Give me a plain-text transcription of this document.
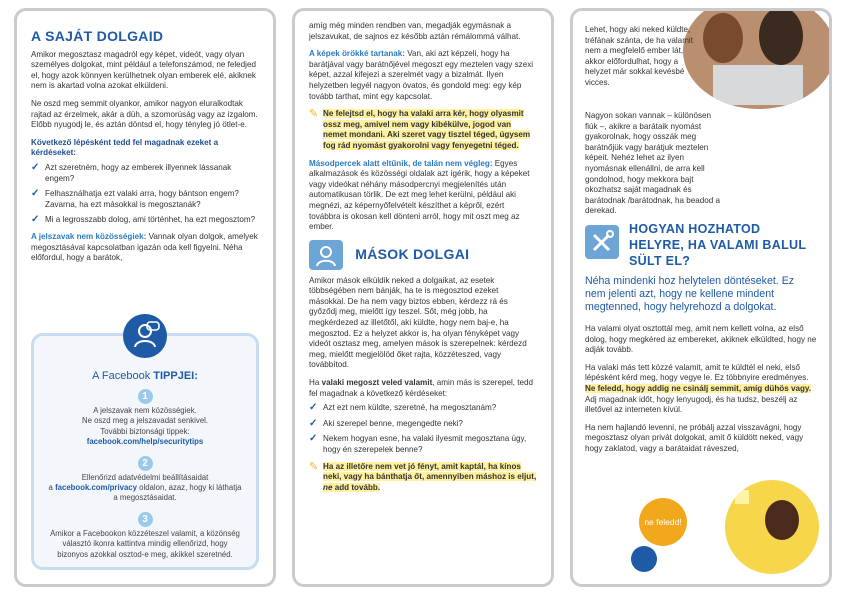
A SAJÁT DOLGAID

Amikor megosztasz magadról egy képet, videót, vagy olyan személyes dolgokat, mint például a telefonszámod, ne feledjed el, hogy azok könnyen kerülhetnek olyan emberek elé, akiknek nem is akartad volna azokat elküldeni.

Ne oszd meg semmit olyankor, amikor nagyon eluralkodtak rajtad az érzelmek, akár a düh, a szomorúság vagy az izgalom. Előbb nyugodj le, és aztán döntsd el, hogy tényleg jó ötlet-e.

Következő lépésként tedd fel magadnak ezeket a kérdéseket:

✓ Azt szeretném, hogy az emberek illyennek lássanak engem?
✓ Felhasználhatja ezt valaki arra, hogy bántson engem? Zavarna, ha ezt másokkal is megosztanák?
✓ Mi a legrosszabb dolog, ami történhet, ha ezt megosztom?

A jelszavak nem közösségiek: Vannak olyan dolgok, amelyek megosztásával kapcsolatban igazán oda kell figyelni. Néha előfordul, hogy a barátok,

A Facebook TIPPJEI:
1
A jelszavak nem közösségiek.
Ne oszd meg a jelszavadat senkivel.
További biztonsági tippek:
facebook.com/help/securitytips
2
Ellenőrizd adatvédelmi beállításaidat
a facebook.com/privacy oldalon, azaz, hogy ki láthatja a megosztásaidat.
3
Amikor a Facebookon közzéteszel valamit, a közönség választó ikonra kattintva mindig ellenőrizd, hogy bizonyos azokkal osztod-e meg, akikkel szeretnéd.

amíg még minden rendben van, megadják egymásnak a jelszavukat, de sajnos ez később aztán rémálommá válhat.

A képek örökké tartanak: Van, aki azt képzeli, hogy ha barátjával vagy barátnőjével megoszt egy meztelen vagy szexi képet, azzal kifejezi a szerelmét vagy a bizalmát. Ilyen helyzetben legyél nagyon óvatos, és gondold meg: egy kép tovább tarthat, mint egy kapcsolat.

✎ Ne felejtsd el, hogy ha valaki arra kér, hogy olyasmit ossz meg, amivel nem vagy kibékülve, jogod van nemet mondani. Aki szeret vagy tisztel téged, úgysem fog rád nyomást gyakorolni vagy fenyegetni téged.

Másodpercek alatt eltűnik, de talán nem végleg: Egyes alkalmazások és közösségi oldalak azt ígérik, hogy a képeket vagy videókat néhány másodpercnyi megjelenítés után automatikusan törlik. De ezt meg lehet kerülni, például aki megnézi, az képernyőfelvételt készíthet a képről, ezért továbbra is okosan kell dönteni arról, hogy mit oszt meg az ember.

MÁSOK DOLGAI

Amikor mások elküldik neked a dolgaikat, az esetek többségében nem bánják, ha te is megosztod ezeket másokkal. De ha nem vagy biztos ebben, kérdezz rá és győződj meg, mielőtt így teszel. Sőt, még jobb, ha megkérdezed az illetőtől, aki küldte, hogy nem baj-e, ha megosztod. Ez a helyzet akkor is, ha olyan fényképet vagy videót osztasz meg, amelyen mások is szerepelnek: kérdezd meg, mielőtt megjelölöd őket rajta, közzéteszed, vagy továbbítod.

Ha valaki megoszt veled valamit, amin más is szerepel, tedd fel magadnak a következő kérdéseket:

✓ Azt ezt nem küldte, szeretné, ha megosztanám?
✓ Aki szerepel benne, megengedte neki?
✓ Nekem hogyan esne, ha valaki ilyesmit megosztana úgy, hogy én szerepelek benne?

✎ Ha az illetőre nem vet jó fényt, amit kaptál, ha kínos neki, vagy ha bánthatja őt, amennyiben máshoz is eljut, ne add tovább.

Lehet, hogy aki neked küldte, tréfának szánta, de ha valamit nem a megfelelő ember lát, akkor előfordulhat, hogy a helyzet már sokkal kevésbé vicces.

Nagyon sokan vannak – különösen fiúk –, akikre a barátaik nyomást gyakorolnak, hogy osszák meg barátnőjük vagy barátjuk meztelen képeit. Nehéz lehet az ilyen nyomásnak ellenállni, de arra kell gondolnod, hogy mekkora bajt okozhatsz saját magadnak és barátodnak /barátodnak, ha beadod a derekad.

HOGYAN HOZHATOD HELYRE, HA VALAMI BALUL SÜLT EL?

Néha mindenki hoz helytelen döntéseket. Ez nem jelenti azt, hogy ne kellene mindent megtenned, hogy helyrehozd a dolgokat.

Ha valami olyat osztottál meg, amit nem kellett volna, az első dolog, hogy megkéred az embereket, akiknek elküldted, hogy ne adják tovább.

Ha valaki más tett közzé valamit, amit te küldtél el neki, első lépésként kérd meg, hogy vegye le. Ez többnyire eredményes. Ne feledd, hogy addig ne csinálj semmit, amíg dühös vagy. Adj magadnak időt, hogy lenyugodj, és ha tudsz, beszélj az illetővel az interneten kívül.

Ha nem hajlandó levenni, ne próbálj azzal visszavágni, hogy megosztasz olyan privát dolgokat, amit ő küldött neked, vagy hogy zaklatod, vagy a barátaidat ráveszed,

ne feledd!
